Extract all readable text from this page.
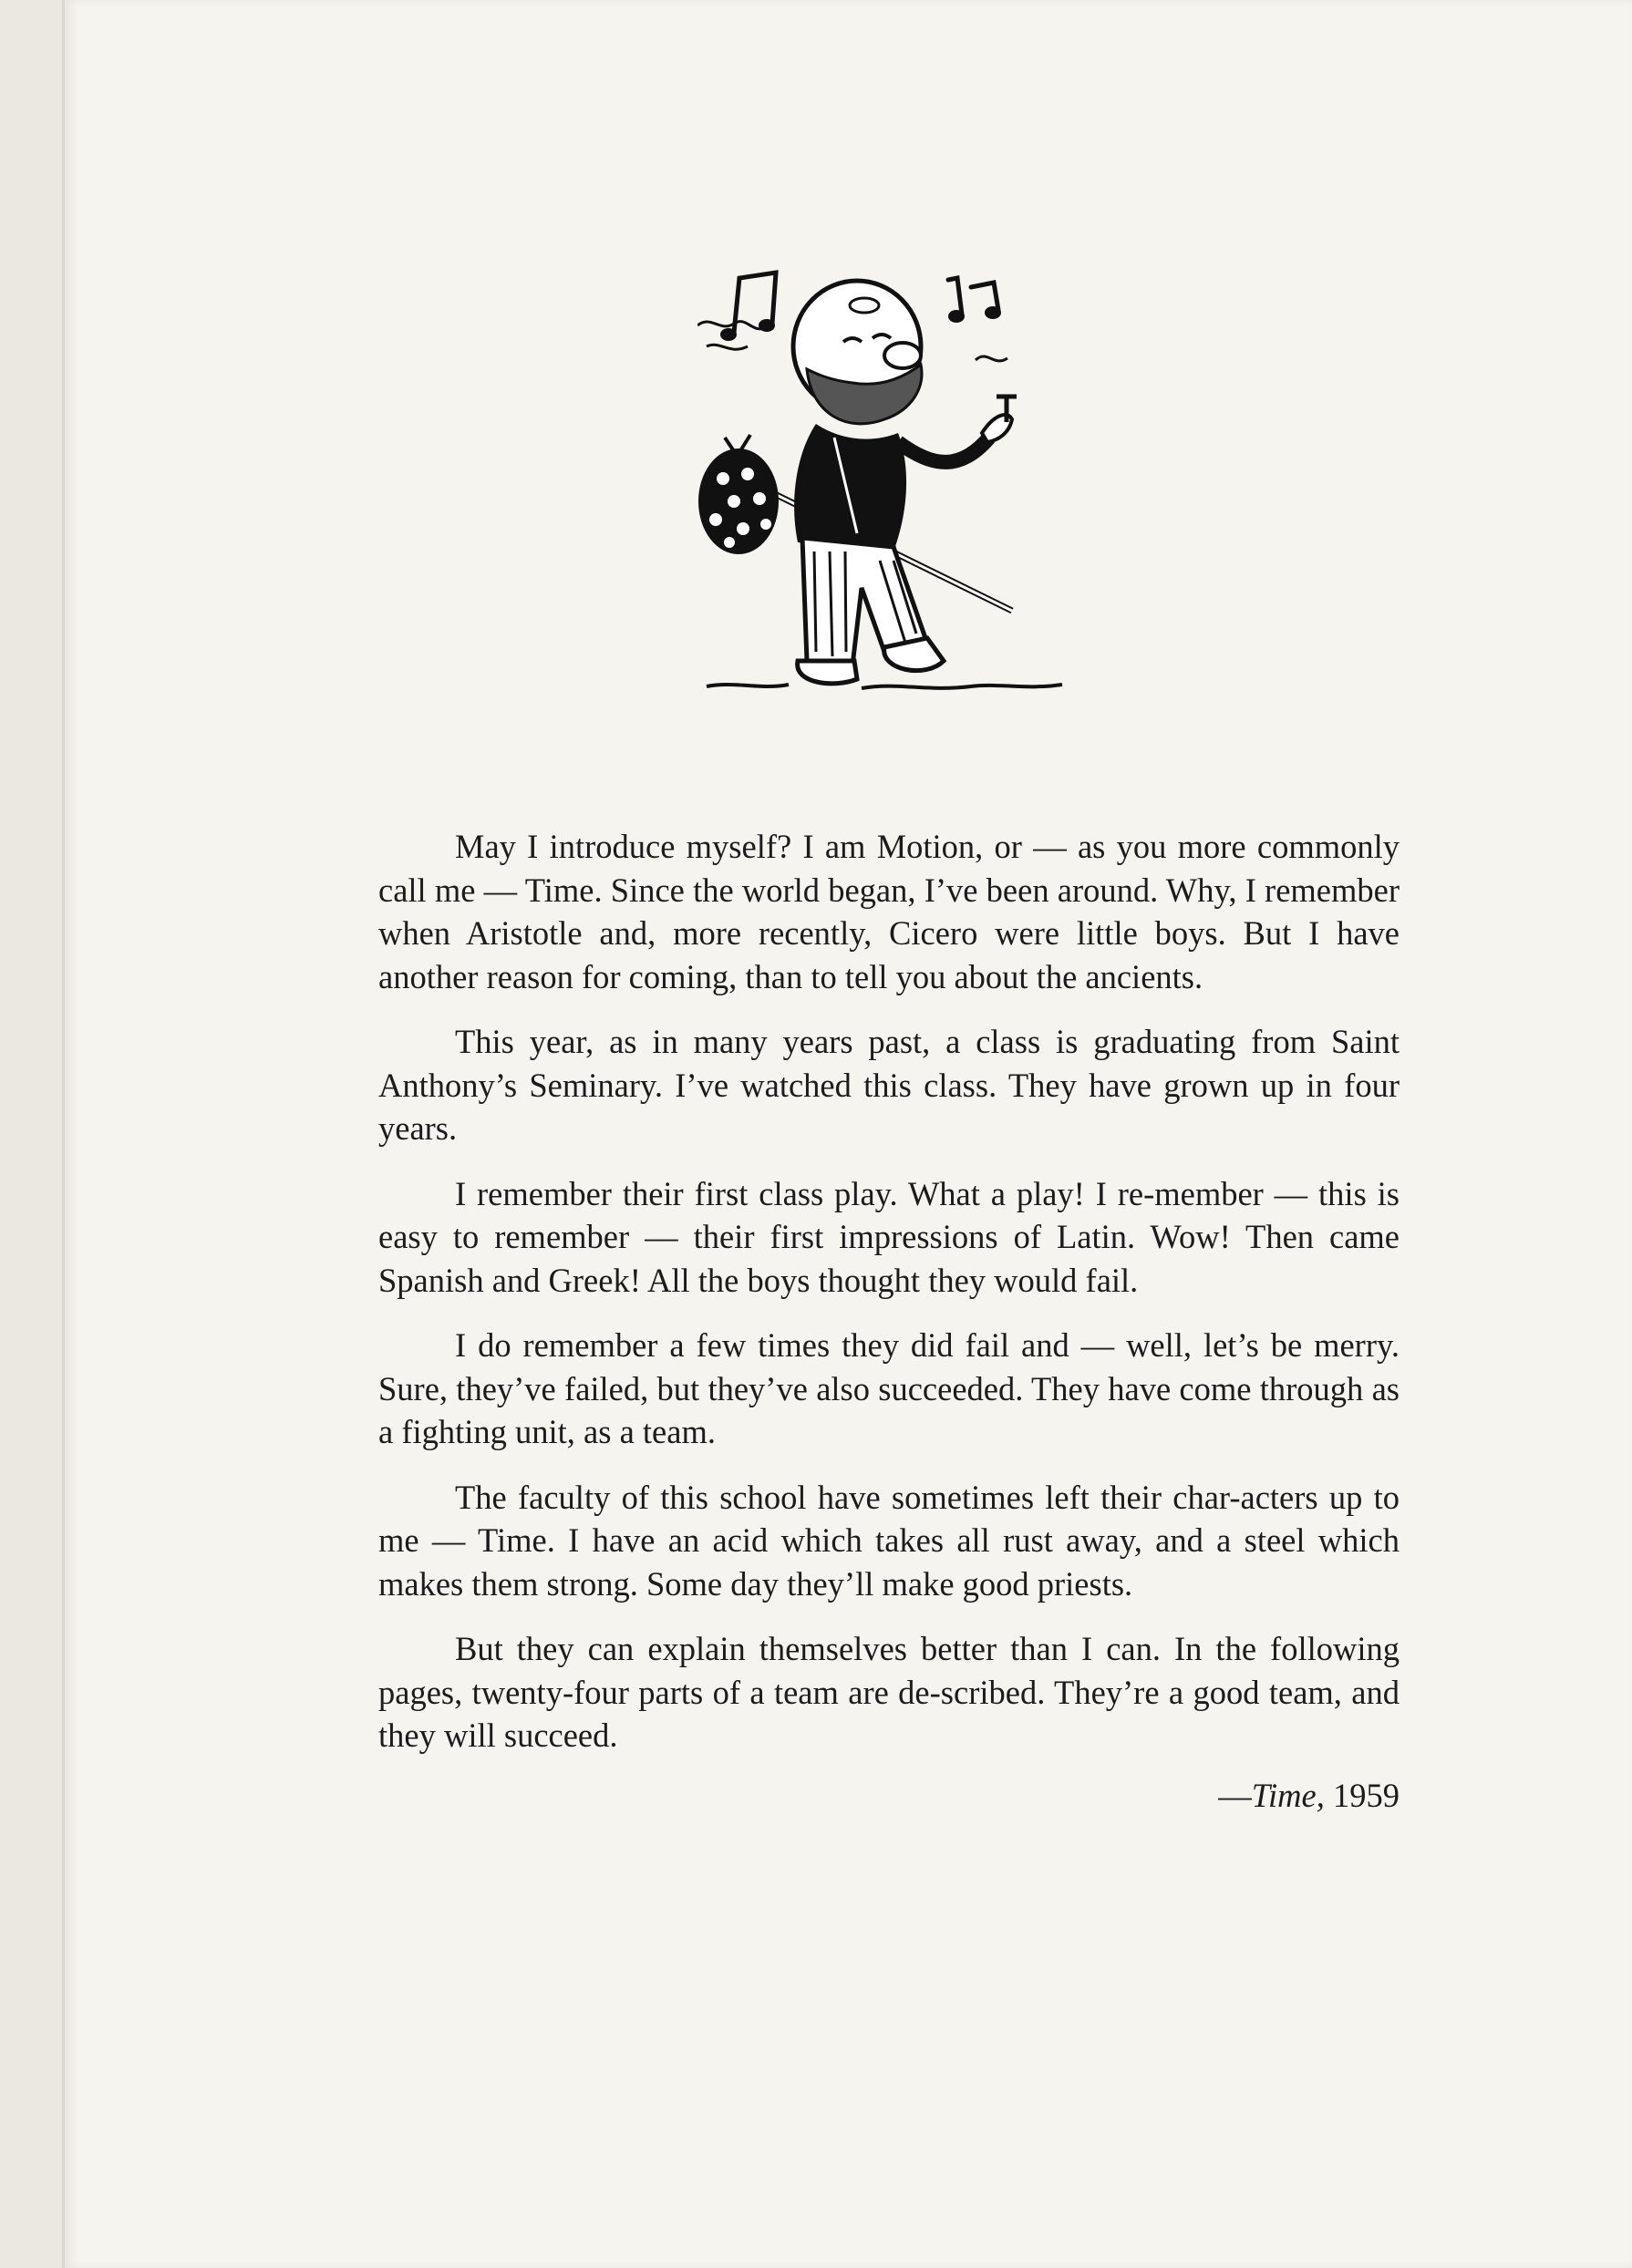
May I introduce myself? I am Motion, or — as you more commonly call me — Time. Since the world began, I’ve been around. Why, I remember when Aristotle and, more recently, Cicero were little boys. But I have another reason for coming, than to tell you about the ancients.

This year, as in many years past, a class is graduating from Saint Anthony’s Seminary. I’ve watched this class. They have grown up in four years.

I remember their first class play. What a play! I re-member — this is easy to remember — their first impressions of Latin. Wow! Then came Spanish and Greek! All the boys thought they would fail.

I do remember a few times they did fail and — well, let’s be merry. Sure, they’ve failed, but they’ve also succeeded. They have come through as a fighting unit, as a team.

The faculty of this school have sometimes left their char-acters up to me — Time. I have an acid which takes all rust away, and a steel which makes them strong. Some day they’ll make good priests.

But they can explain themselves better than I can. In the following pages, twenty-four parts of a team are de-scribed. They’re a good team, and they will succeed.

—Time, 1959
